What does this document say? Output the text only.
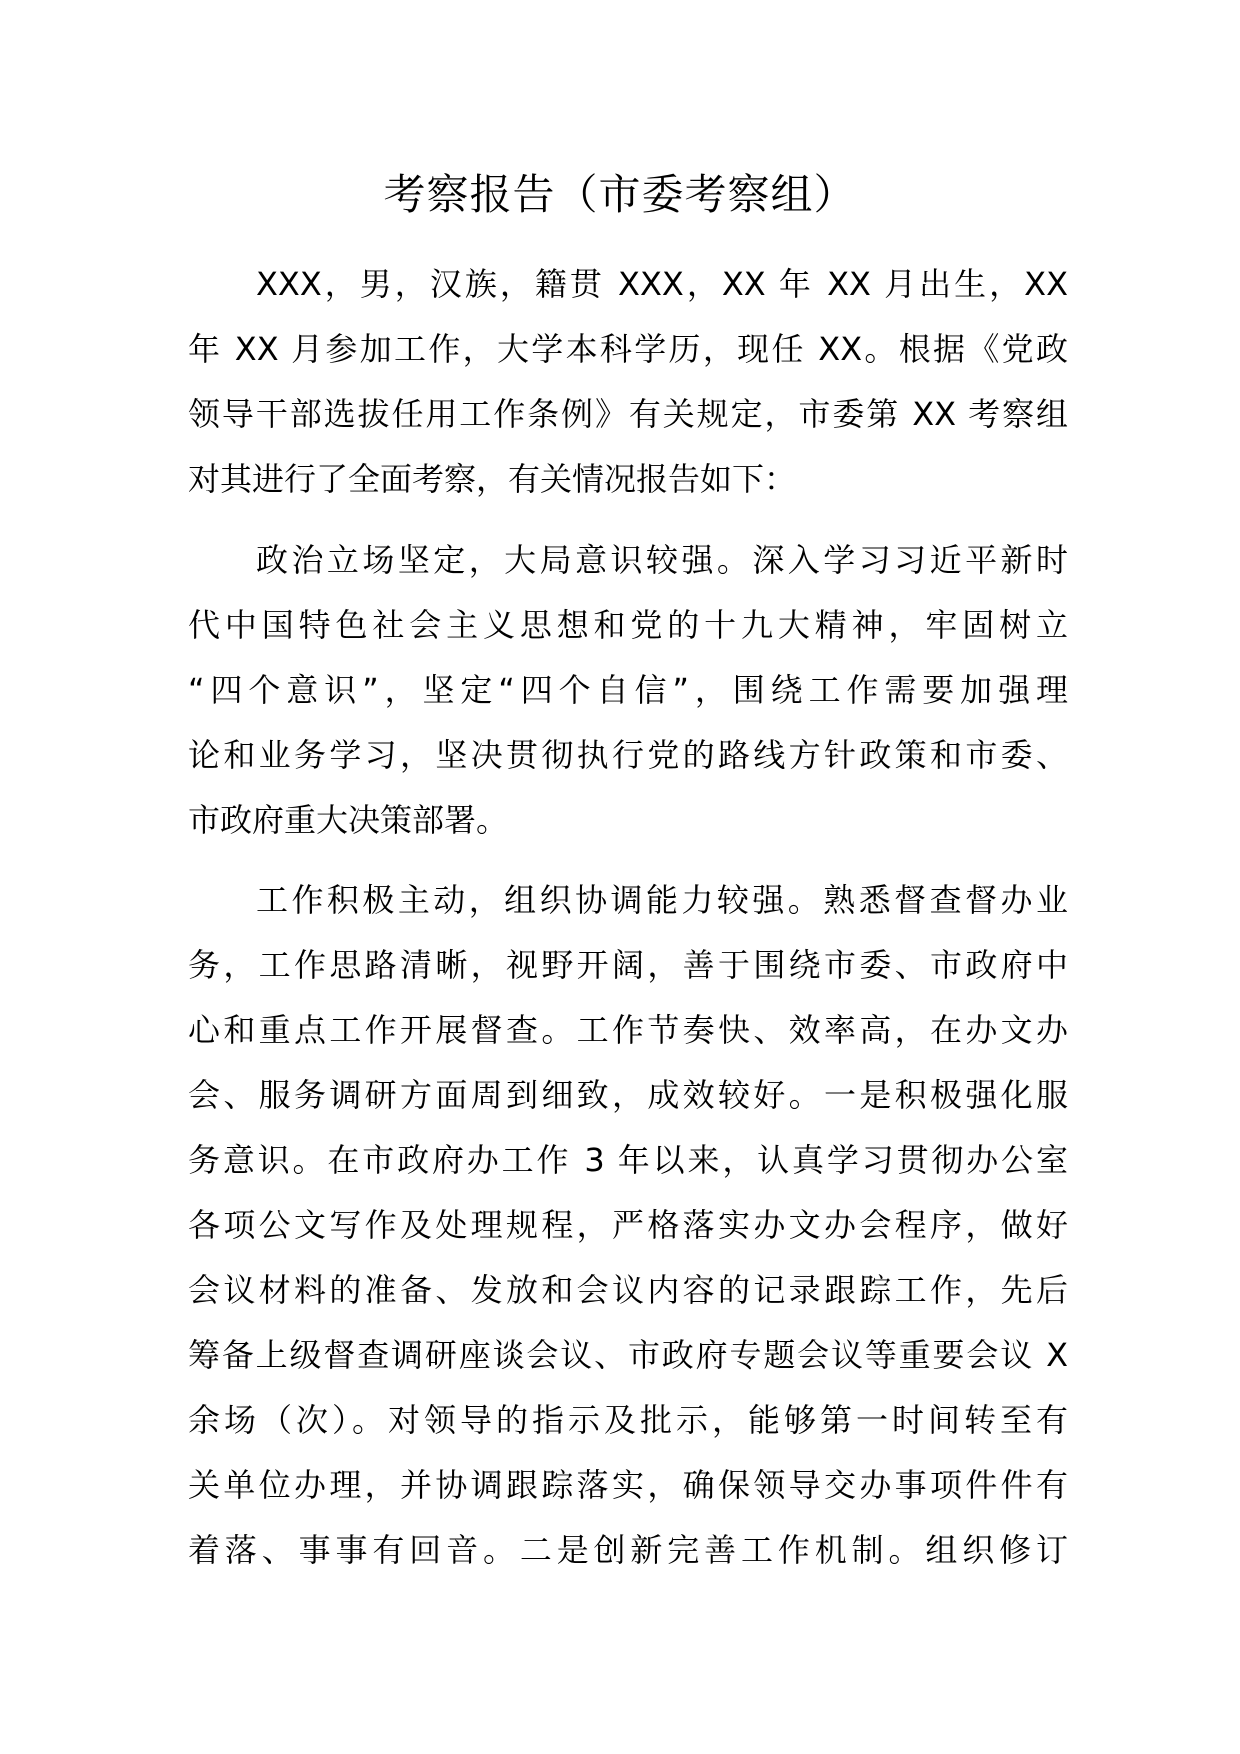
考察报告（市委考察组）
XXX，男，汉族，籍贯 XXX，XX 年 XX 月出生，XX
年 XX 月参加工作，大学本科学历，现任 XX。根据《党政
领导干部选拔任用工作条例》有关规定，市委第 XX 考察组
对其进行了全面考察，有关情况报告如下：
政治立场坚定，大局意识较强。深入学习习近平新时
代中国特色社会主义思想和党的十九大精神，牢固树立
“四个意识”，坚定“四个自信”，围绕工作需要加强理
论和业务学习，坚决贯彻执行党的路线方针政策和市委、
市政府重大决策部署。
工作积极主动，组织协调能力较强。熟悉督查督办业
务，工作思路清晰，视野开阔，善于围绕市委、市政府中
心和重点工作开展督查。工作节奏快、效率高，在办文办
会、服务调研方面周到细致，成效较好。一是积极强化服
务意识。在市政府办工作 3 年以来，认真学习贯彻办公室
各项公文写作及处理规程，严格落实办文办会程序，做好
会议材料的准备、发放和会议内容的记录跟踪工作，先后
筹备上级督查调研座谈会议、市政府专题会议等重要会议 X
余场（次）。对领导的指示及批示，能够第一时间转至有
关单位办理，并协调跟踪落实，确保领导交办事项件件有
着落、事事有回音。二是创新完善工作机制。组织修订
